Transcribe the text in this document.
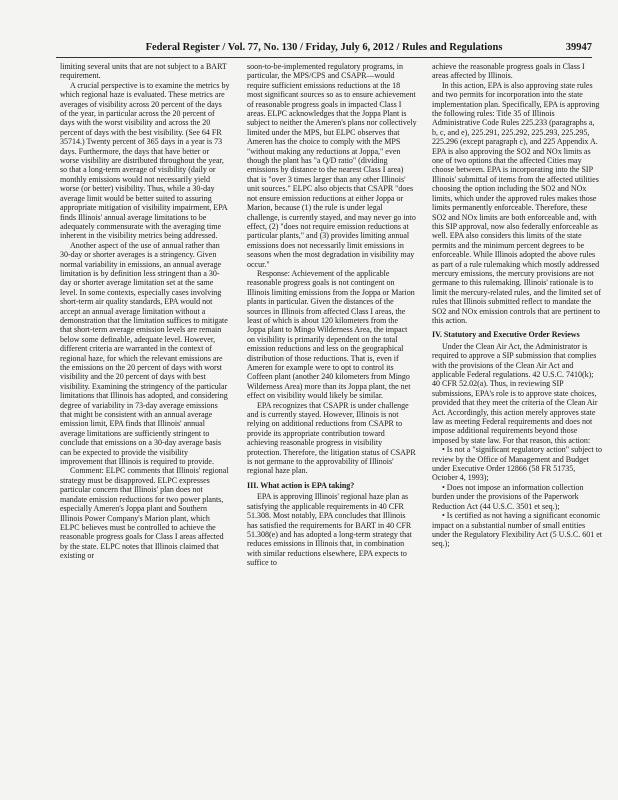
Federal Register / Vol. 77, No. 130 / Friday, July 6, 2012 / Rules and Regulations	39947

limiting several units that are not subject to a BART requirement.

A crucial perspective is to examine the metrics by which regional haze is evaluated. These metrics are averages of visibility across 20 percent of the days of the year, in particular across the 20 percent of days with the worst visibility and across the 20 percent of days with the best visibility. (See 64 FR 35714.) Twenty percent of 365 days in a year is 73 days. Furthermore, the days that have better or worse visibility are distributed throughout the year, so that a long-term average of visibility (daily or monthly emissions would not necessarily yield worse (or better) visibility. Thus, while a 30-day average limit would be better suited to assuring appropriate mitigation of visibility impairment, EPA finds Illinois' annual average limitations to be adequately commensurate with the averaging time inherent in the visibility metrics being addressed.

Another aspect of the use of annual rather than 30-day or shorter averages is a stringency. Given normal variability in emissions, an annual average limitation is by definition less stringent than a 30-day or shorter average limitation set at the same level. In some contexts, especially cases involving short-term air quality standards, EPA would not accept an annual average limitation without a demonstration that the limitation suffices to mitigate that short-term average emission levels are remain below some definable, adequate level. However, different criteria are warranted in the context of regional haze, for which the relevant emissions are the emissions on the 20 percent of days with worst visibility and the 20 percent of days with best visibility. Examining the stringency of the particular limitations that Illinois has adopted, and considering degree of variability in 73-day average emissions that might be consistent with an annual average emission limit, EPA finds that Illinois' annual average limitations are sufficiently stringent to conclude that emissions on a 30-day average basis can be expected to provide the visibility improvement that Illinois is required to provide.

Comment: ELPC comments that Illinois' regional strategy must be disapproved. ELPC expresses particular concern that Illinois' plan does not mandate emission reductions for two power plants, especially Ameren's Joppa plant and Southern Illinois Power Company's Marion plant, which ELPC believes must be controlled to achieve the reasonable progress goals for Class I areas affected by the state. ELPC notes that Illinois claimed that existing or

soon-to-be-implemented regulatory programs, in particular, the MPS/CPS and CSAPR—would require sufficient emissions reductions at the 18 most significant sources so as to ensure achievement of reasonable progress goals in impacted Class I areas. ELPC acknowledges that the Joppa Plant is subject to neither the Ameren's plans nor collectively limited under the MPS, but ELPC observes that Ameren has the choice to comply with the MPS "without making any reductions at Joppa," even though the plant has "a Q/D ratio" (dividing emissions by distance to the nearest Class I area) that is "over 3 times larger than any other Illinois' unit sources." ELPC also objects that CSAPR "does not ensure emission reductions at either Joppa or Marion, because (1) the rule is under legal challenge, is currently stayed, and may never go into effect, (2) "does not require emission reductions at particular plants," and (3) provides limiting annual emissions does not necessarily limit emissions in seasons when the most degradation in visibility may occur."

Response: Achievement of the applicable reasonable progress goals is not contingent on Illinois limiting emissions from the Joppa or Marion plants in particular. Given the distances of the sources in Illinois from affected Class I areas, the least of which is about 120 kilometers from the Joppa plant to Mingo Wilderness Area, the impact on visibility is primarily dependent on the total emission reductions and less on the geographical distribution of those reductions. That is, even if Ameren for example were to opt to control its Coffeen plant (another 240 kilometers from Mingo Wilderness Area) more than its Joppa plant, the net effect on visibility would likely be similar.

EPA recognizes that CSAPR is under challenge and is currently stayed. However, Illinois is not relying on additional reductions from CSAPR to provide its appropriate contribution toward achieving reasonable progress in visibility protection. Therefore, the litigation status of CSAPR is not germane to the approvability of Illinois' regional haze plan.

III. What action is EPA taking?

EPA is approving Illinois' regional haze plan as satisfying the applicable requirements in 40 CFR 51.308. Most notably, EPA concludes that Illinois has satisfied the requirements for BART in 40 CFR 51.308(e) and has adopted a long-term strategy that reduces emissions in Illinois that, in combination with similar reductions elsewhere, EPA expects to suffice to

achieve the reasonable progress goals in Class I areas affected by Illinois.

In this action, EPA is also approving state rules and two permits for incorporation into the state implementation plan. Specifically, EPA is approving the following rules: Title 35 of Illinois Administrative Code Rules 225.233 (paragraphs a, b, c, and e), 225.291, 225.292, 225.293, 225.295, 225.296 (except paragraph c), and 225 Appendix A. EPA is also approving the SO2 and NOx limits as one of two options that the affected Cities may choose between. EPA is incorporating into the SIP Illinois' submittal of items from the affected utilities choosing the option including the SO2 and NOx limits, which under the approved rules makes those limits permanently enforceable. Therefore, these SO2 and NOx limits are both enforceable and, with this SIP approval, now also federally enforceable as well. EPA also considers this limits of the state permits and the minimum percent degrees to be enforceable. While Illinois adopted the above rules as part of a rule rulemaking which mostly addressed mercury emissions, the mercury provisions are not germane to this rulemaking. Illinois' rationale is to limit the mercury-related rules, and the limited set of rules that Illinois submitted reflect to mandate the SO2 and NOx emission controls that are pertinent to this action.

IV. Statutory and Executive Order Reviews

Under the Clean Air Act, the Administrator is required to approve a SIP submission that complies with the provisions of the Clean Air Act and applicable Federal regulations. 42 U.S.C. 7410(k); 40 CFR 52.02(a). Thus, in reviewing SIP submissions, EPA's role is to approve state choices, provided that they meet the criteria of the Clean Air Act. Accordingly, this action merely approves state law as meeting Federal requirements and does not impose additional requirements beyond those imposed by state law. For that reason, this action:

• Is not a "significant regulatory action" subject to review by the Office of Management and Budget under Executive Order 12866 (58 FR 51735, October 4, 1993);

• Does not impose an information collection burden under the provisions of the Paperwork Reduction Act (44 U.S.C. 3501 et seq.);

• Is certified as not having a significant economic impact on a substantial number of small entities under the Regulatory Flexibility Act (5 U.S.C. 601 et seq.);
